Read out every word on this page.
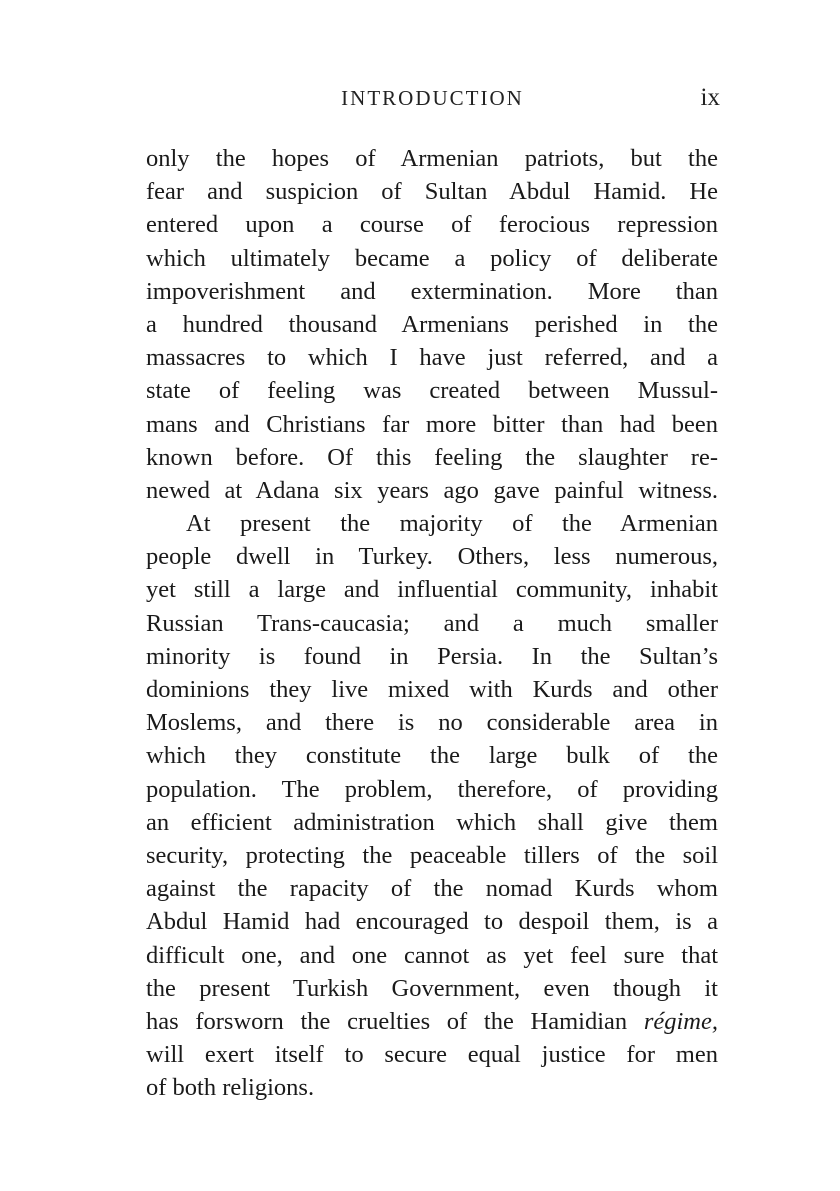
INTRODUCTION	ix
only the hopes of Armenian patriots, but the
fear and suspicion of Sultan Abdul Hamid. He
entered upon a course of ferocious repression
which ultimately became a policy of deliberate
impoverishment and extermination. More than
a hundred thousand Armenians perished in the
massacres to which I have just referred, and a
state of feeling was created between Mussul-
mans and Christians far more bitter than had been
known before. Of this feeling the slaughter re-
newed at Adana six years ago gave painful witness.
At present the majority of the Armenian
people dwell in Turkey. Others, less numerous,
yet still a large and influential community, inhabit
Russian Trans-caucasia; and a much smaller
minority is found in Persia. In the Sultan’s
dominions they live mixed with Kurds and other
Moslems, and there is no considerable area in
which they constitute the large bulk of the
population. The problem, therefore, of providing
an efficient administration which shall give them
security, protecting the peaceable tillers of the soil
against the rapacity of the nomad Kurds whom
Abdul Hamid had encouraged to despoil them, is a
difficult one, and one cannot as yet feel sure that
the present Turkish Government, even though it
has forsworn the cruelties of the Hamidian régime,
will exert itself to secure equal justice for men
of both religions.
